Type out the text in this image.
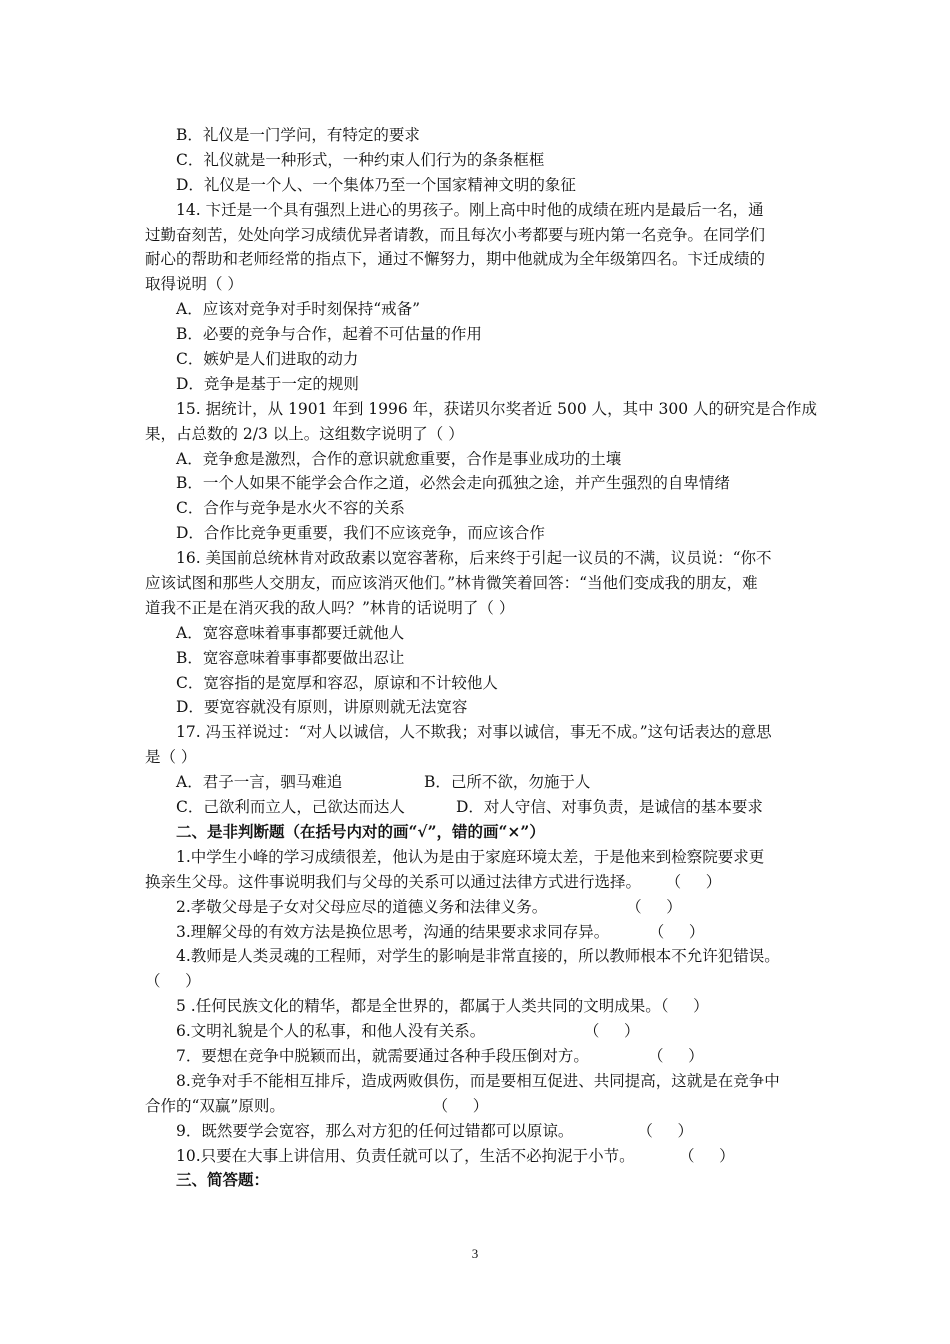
B．礼仪是一门学问，有特定的要求
C．礼仪就是一种形式，一种约束人们行为的条条框框
D．礼仪是一个人、一个集体乃至一个国家精神文明的象征
14. 卞迁是一个具有强烈上进心的男孩子。刚上高中时他的成绩在班内是最后一名，通
过勤奋刻苦，处处向学习成绩优异者请教，而且每次小考都要与班内第一名竞争。在同学们
耐心的帮助和老师经常的指点下，通过不懈努力，期中他就成为全年级第四名。卞迁成绩的
取得说明（ ）
A．应该对竞争对手时刻保持“戒备”
B．必要的竞争与合作，起着不可估量的作用
C．嫉妒是人们进取的动力
D．竞争是基于一定的规则
15. 据统计，从 1901 年到 1996 年，获诺贝尔奖者近 500 人，其中 300 人的研究是合作成
果，占总数的 2/3 以上。这组数字说明了（ ）
A．竞争愈是激烈，合作的意识就愈重要，合作是事业成功的土壤
B．一个人如果不能学会合作之道，必然会走向孤独之途，并产生强烈的自卑情绪
C．合作与竞争是水火不容的关系
D．合作比竞争更重要，我们不应该竞争，而应该合作
16. 美国前总统林肯对政敌素以宽容著称，后来终于引起一议员的不满，议员说：“你不
应该试图和那些人交朋友，而应该消灭他们。”林肯微笑着回答：“当他们变成我的朋友，难
道我不正是在消灭我的敌人吗？”林肯的话说明了（ ）
A．宽容意味着事事都要迁就他人
B．宽容意味着事事都要做出忍让
C．宽容指的是宽厚和容忍，原谅和不计较他人
D．要宽容就没有原则，讲原则就无法宽容
17. 冯玉祥说过：“对人以诚信，人不欺我；对事以诚信，事无不成。”这句话表达的意思
是（ ）
A．君子一言，驷马难追	B．己所不欲，勿施于人
C．己欲利而立人，己欲达而达人	D．对人守信、对事负责，是诚信的基本要求
二、是非判断题（在括号内对的画“√”，错的画“×”）
1.中学生小峰的学习成绩很差，他认为是由于家庭环境太差，于是他来到检察院要求更
换亲生父母。这件事说明我们与父母的关系可以通过法律方式进行选择。     （     ）
2.孝敬父母是子女对父母应尽的道德义务和法律义务。                （     ）
3.理解父母的有效方法是换位思考，沟通的结果要求求同存异。        （     ）
4.教师是人类灵魂的工程师，对学生的影响是非常直接的，所以教师根本不允许犯错误。
（     ）
5 .任何民族文化的精华，都是全世界的，都属于人类共同的文明成果。（     ）
6.文明礼貌是个人的私事，和他人没有关系。                    （     ）
7．要想在竞争中脱颖而出，就需要通过各种手段压倒对方。            （     ）
8.竞争对手不能相互排斥，造成两败俱伤，而是要相互促进、共同提高，这就是在竞争中
合作的“双赢”原则。                              （     ）
9．既然要学会宽容，那么对方犯的任何过错都可以原谅。             （     ）
10.只要在大事上讲信用、负责任就可以了，生活不必拘泥于小节。         （     ）
三、简答题：
3
